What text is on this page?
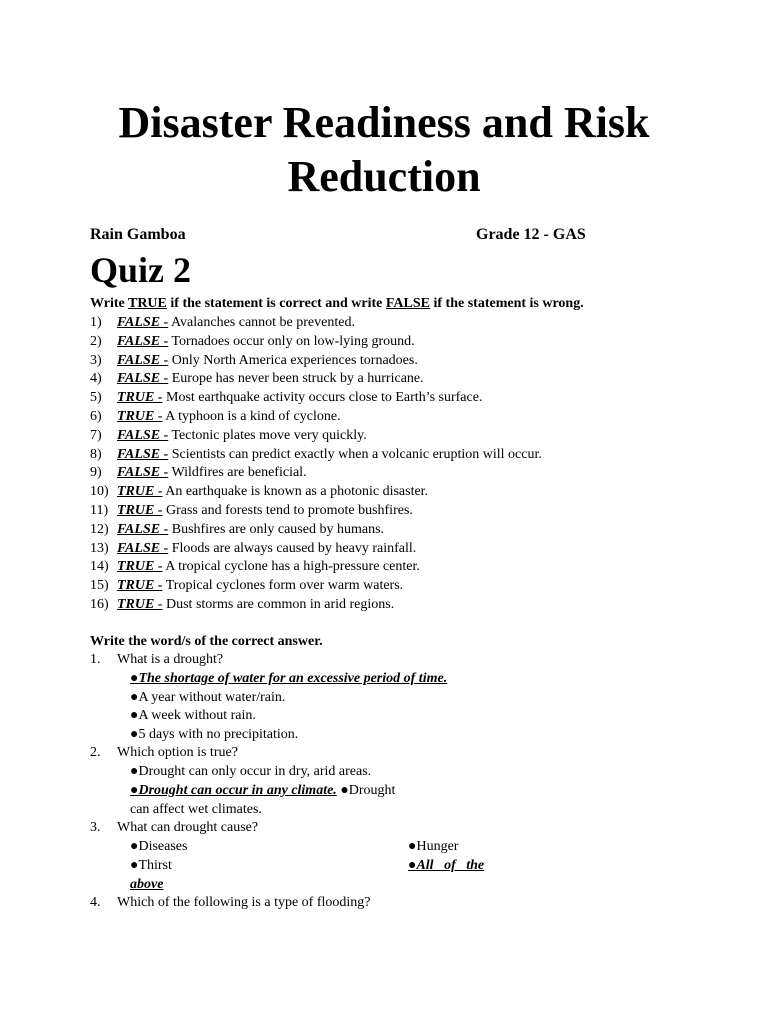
Disaster Readiness and Risk
Reduction
Rain Gamboa	Grade 12 - GAS
Quiz 2
Write TRUE if the statement is correct and write FALSE if the statement is wrong.
1) FALSE - Avalanches cannot be prevented.
2) FALSE - Tornadoes occur only on low-lying ground.
3) FALSE - Only North America experiences tornadoes.
4) FALSE - Europe has never been struck by a hurricane.
5) TRUE - Most earthquake activity occurs close to Earth’s surface.
6) TRUE - A typhoon is a kind of cyclone.
7) FALSE - Tectonic plates move very quickly.
8) FALSE - Scientists can predict exactly when a volcanic eruption will occur.
9) FALSE - Wildfires are beneficial.
10) TRUE - An earthquake is known as a photonic disaster.
11) TRUE - Grass and forests tend to promote bushfires.
12) FALSE - Bushfires are only caused by humans.
13) FALSE - Floods are always caused by heavy rainfall.
14) TRUE - A tropical cyclone has a high-pressure center.
15) TRUE - Tropical cyclones form over warm waters.
16) TRUE - Dust storms are common in arid regions.
Write the word/s of the correct answer.
1. What is a drought?
●The shortage of water for an excessive period of time.
●A year without water/rain.
●A week without rain.
●5 days with no precipitation.
2. Which option is true?
●Drought can only occur in dry, arid areas.
●Drought can occur in any climate. ●Drought
can affect wet climates.
3. What can drought cause?
●Diseases	●Hunger
●Thirst	●All   of   the
above
4. Which of the following is a type of flooding?
